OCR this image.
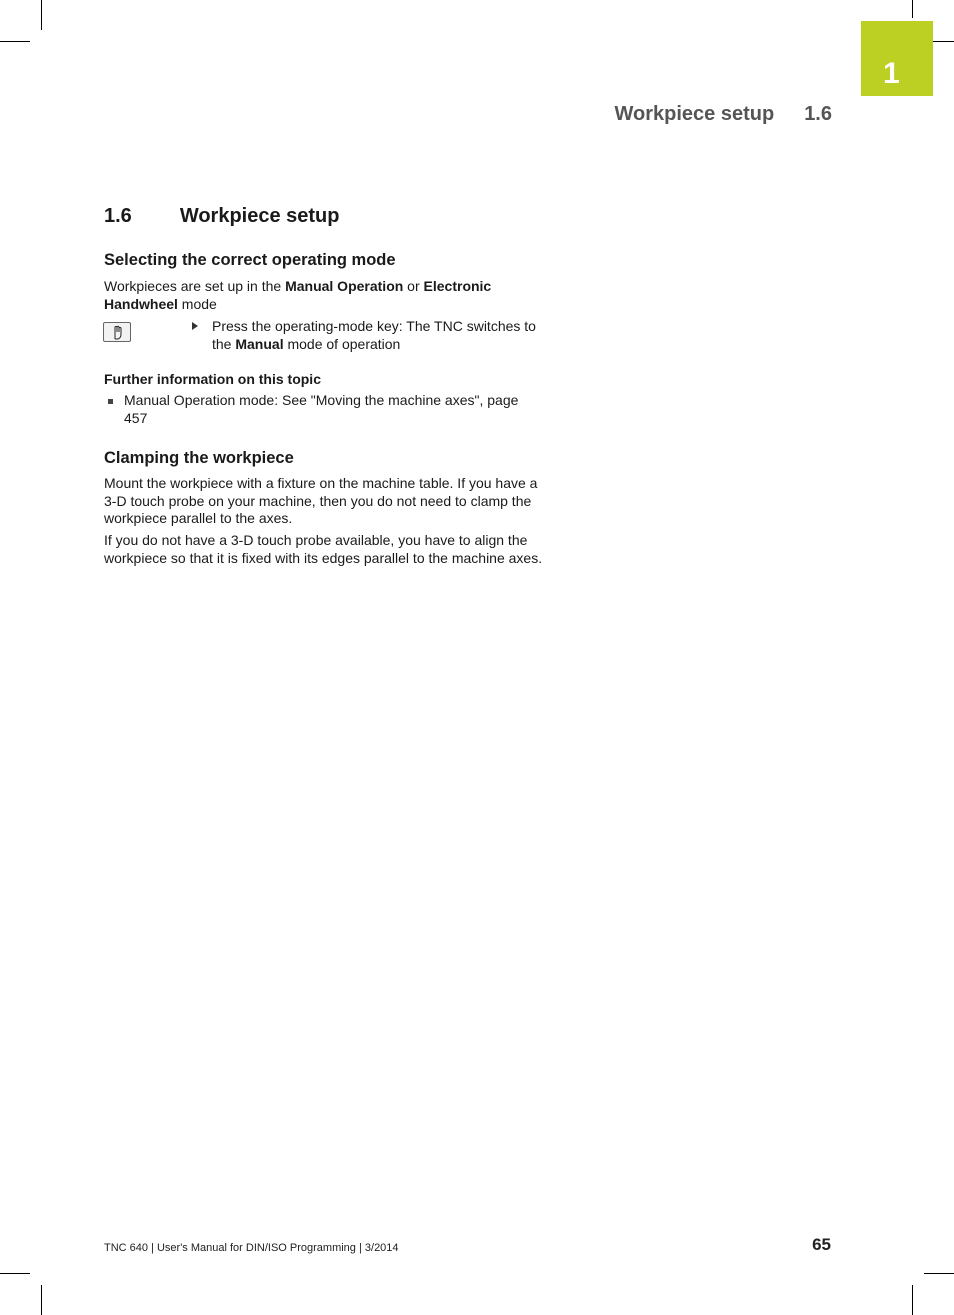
1
Workpiece setup 1.6
1.6 Workpiece setup
Selecting the correct operating mode
Workpieces are set up in the Manual Operation or Electronic Handwheel mode
Press the operating-mode key: The TNC switches to the Manual mode of operation
Further information on this topic
Manual Operation mode: See "Moving the machine axes", page 457
Clamping the workpiece
Mount the workpiece with a fixture on the machine table. If you have a 3-D touch probe on your machine, then you do not need to clamp the workpiece parallel to the axes.
If you do not have a 3-D touch probe available, you have to align the workpiece so that it is fixed with its edges parallel to the machine axes.
TNC 640 | User's Manual for DIN/ISO Programming | 3/2014	65
